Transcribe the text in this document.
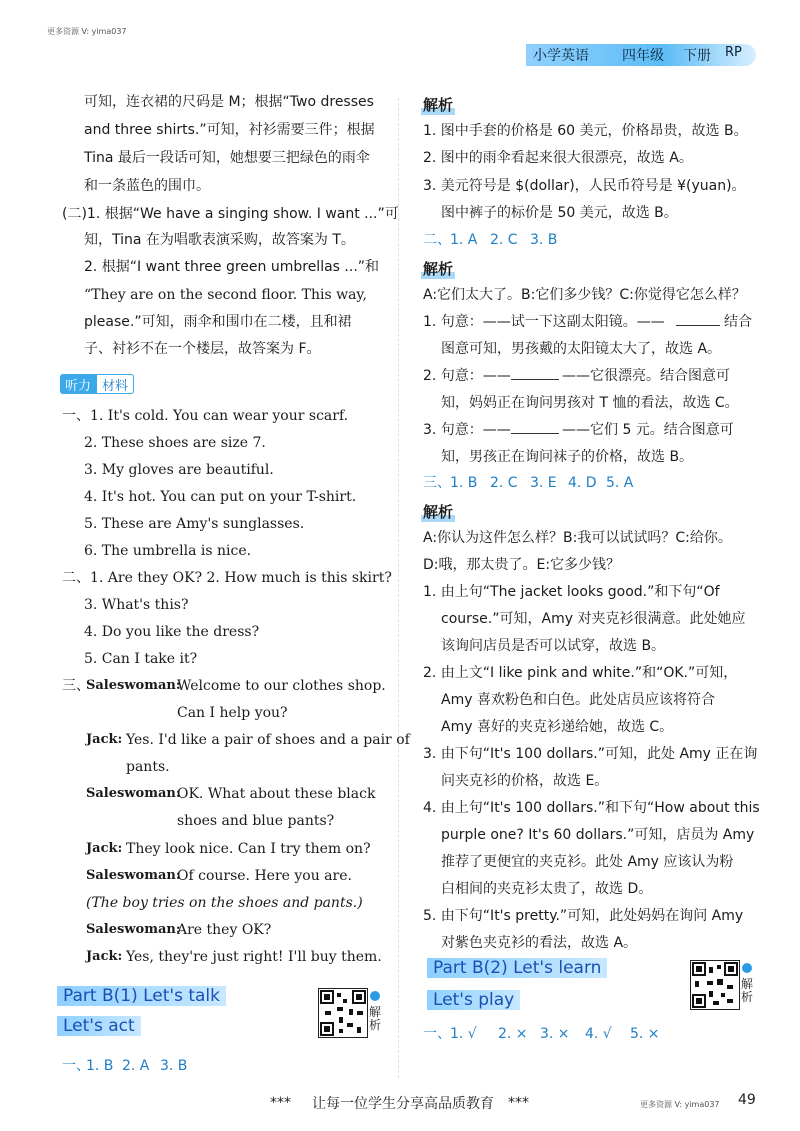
更多资源 V: yima037
小学英语 四年级 下册 RP
可知，连衣裙的尺码是 M；根据“Two dresses
and three shirts.”可知，衬衫需要三件；根据
Tina 最后一段话可知，她想要三把绿色的雨伞
和一条蓝色的围巾。
(二)1. 根据“We have a singing show. I want ...”可
知，Tina 在为唱歌表演采购，故答案为 T。
2. 根据“I want three green umbrellas ...”和
“They are on the second floor. This way,
please.”可知，雨伞和围巾在二楼，且和裙
子、衬衫不在一个楼层，故答案为 F。
听力 材料
一、1. It's cold. You can wear your scarf.
2. These shoes are size 7.
3. My gloves are beautiful.
4. It's hot. You can put on your T-shirt.
5. These are Amy's sunglasses.
6. The umbrella is nice.
二、1. Are they OK? 2. How much is this skirt?
3. What's this?
4. Do you like the dress?
5. Can I take it?
三、
Saleswoman:
Welcome to our clothes shop.
Can I help you?
Jack: Yes. I'd like a pair of shoes and a pair of
pants.
Saleswoman:
OK. What about these black
shoes and blue pants?
Jack: They look nice. Can I try them on?
Saleswoman:
Of course. Here you are.
(The boy tries on the shoes and pants.)
Saleswoman:
Are they OK?
Jack: Yes, they're just right! I'll buy them.
Part B(1) Let's talk
Let's act
解析
一、
1. B 2. A 3. B
解析
1. 图中手套的价格是 60 美元，价格昂贵，故选 B。
2. 图中的雨伞看起来很大很漂亮，故选 A。
3. 美元符号是 $(dollar)，人民币符号是 ¥(yuan)。
图中裤子的标价是 50 美元，故选 B。
二、 1. A 2. C 3. B
解析
A:它们太大了。B:它们多少钱？C:你觉得它怎么样？
1. 句意：——试一下这副太阳镜。——	结合
图意可知，男孩戴的太阳镜太大了，故选 A。
2. 句意：——	——它很漂亮。结合图意可
知，妈妈正在询问男孩对 T 恤的看法，故选 C。
3. 句意：——	——它们 5 元。结合图意可
知，男孩正在询问袜子的价格，故选 B。
三、 1. B 2. C 3. E 4. D 5. A
解析
A:你认为这件怎么样？B:我可以试试吗？C:给你。
D:哦，那太贵了。E:它多少钱？
1. 由上句“The jacket looks good.”和下句“Of
course.”可知，Amy 对夹克衫很满意。此处她应
该询问店员是否可以试穿，故选 B。
2. 由上文“I like pink and white.”和“OK.”可知，
Amy 喜欢粉色和白色。此处店员应该将符合
Amy 喜好的夹克衫递给她，故选 C。
3. 由下句“It's 100 dollars.”可知，此处 Amy 正在询
问夹克衫的价格，故选 E。
4. 由上句“It's 100 dollars.”和下句“How about this
purple one? It's 60 dollars.”可知，店员为 Amy
推荐了更便宜的夹克衫。此处 Amy 应该认为粉
白相间的夹克衫太贵了，故选 D。
5. 由下句“It's pretty.”可知，此处妈妈在询问 Amy
对紫色夹克衫的看法，故选 A。
Part B(2) Let's learn
Let's play
解析
一、 1. √ 2. × 3. × 4. √ 5. ×
*** 让每一位学生分享高品质教育 ***	更多资源 V: yima037 49
